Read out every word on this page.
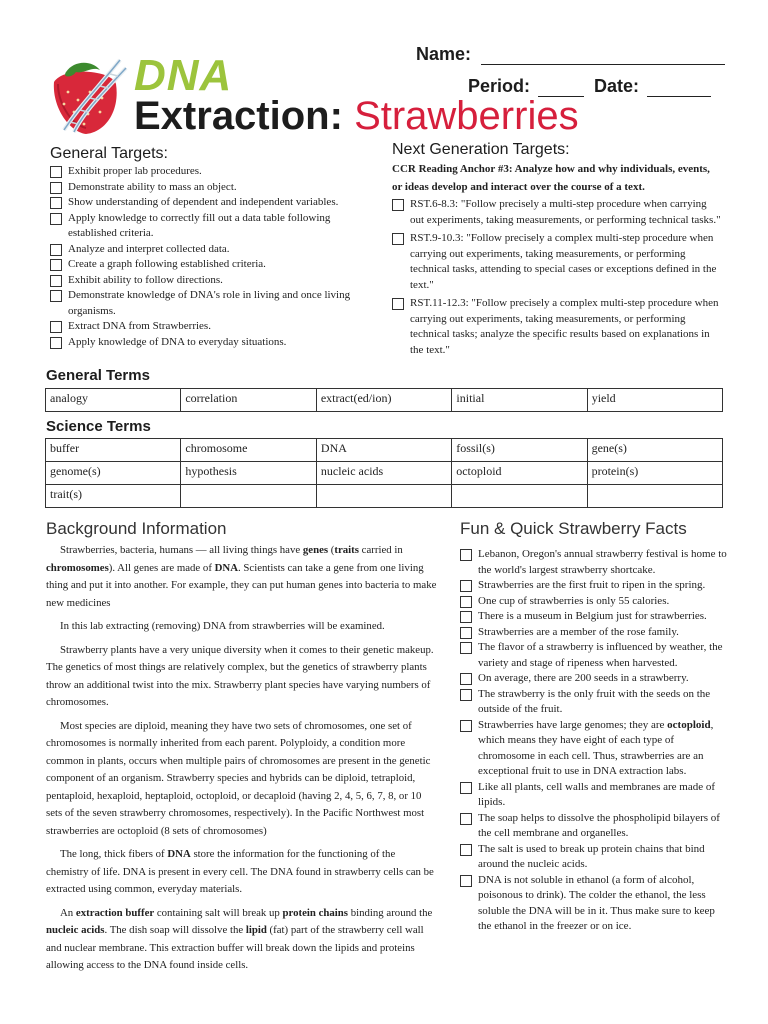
DNA
Extraction: Strawberries
Name:
Period:	Date:
General Targets:
Exhibit proper lab procedures.
Demonstrate ability to mass an object.
Show understanding of dependent and independent variables.
Apply knowledge to correctly fill out a data table following established criteria.
Analyze and interpret collected data.
Create a graph following established criteria.
Exhibit ability to follow directions.
Demonstrate knowledge of DNA's role in living and once living organisms.
Extract DNA from Strawberries.
Apply knowledge of DNA to everyday situations.
Next Generation Targets:
CCR Reading Anchor #3: Analyze how and why individuals, events, or ideas develop and interact over the course of a text.
RST.6-8.3: "Follow precisely a multi-step procedure when carrying out experiments, taking measurements, or performing technical tasks."
RST.9-10.3: "Follow precisely a complex multi-step procedure when carrying out experiments, taking measurements, or performing technical tasks, attending to special cases or exceptions defined in the text."
RST.11-12.3: "Follow precisely a complex multi-step procedure when carrying out experiments, taking measurements, or performing technical tasks; analyze the specific results based on explanations in the text."
General Terms
analogy	correlation	extract(ed/ion)	initial	yield
Science Terms
buffer	chromosome	DNA	fossil(s)	gene(s)
genome(s)	hypothesis	nucleic acids	octoploid	protein(s)
trait(s)				
Background Information

Strawberries, bacteria, humans — all living things have genes (traits carried in chromosomes). All genes are made of DNA. Scientists can take a gene from one living thing and put it into another. For example, they can put human genes into bacteria to make new medicines

In this lab extracting (removing) DNA from strawberries will be examined.

Strawberry plants have a very unique diversity when it comes to their genetic makeup. The genetics of most things are relatively complex, but the genetics of strawberry plants throw an additional twist into the mix. Strawberry plant species have varying numbers of chromosomes.

Most species are diploid, meaning they have two sets of chromosomes, one set of chromosomes is normally inherited from each parent. Polyploidy, a condition more common in plants, occurs when multiple pairs of chromosomes are present in the genetic component of an organism. Strawberry species and hybrids can be diploid, tetraploid, pentaploid, hexaploid, heptaploid, octoploid, or decaploid (having 2, 4, 5, 6, 7, 8, or 10 sets of the seven strawberry chromosomes, respectively). In the Pacific Northwest most strawberries are octoploid (8 sets of chromosomes)

The long, thick fibers of DNA store the information for the functioning of the chemistry of life. DNA is present in every cell. The DNA found in strawberry cells can be extracted using common, everyday materials.

An extraction buffer containing salt will break up protein chains binding around the nucleic acids. The dish soap will dissolve the lipid (fat) part of the strawberry cell wall and nuclear membrane. This extraction buffer will break down the lipids and proteins allowing access to the DNA found inside cells.

Fun & Quick Strawberry Facts
Lebanon, Oregon's annual strawberry festival is home to the world's largest strawberry shortcake.
Strawberries are the first fruit to ripen in the spring.
One cup of strawberries is only 55 calories.
There is a museum in Belgium just for strawberries.
Strawberries are a member of the rose family.
The flavor of a strawberry is influenced by weather, the variety and stage of ripeness when harvested.
On average, there are 200 seeds in a strawberry.
The strawberry is the only fruit with the seeds on the outside of the fruit.
Strawberries have large genomes; they are octoploid, which means they have eight of each type of chromosome in each cell. Thus, strawberries are an exceptional fruit to use in DNA extraction labs.
Like all plants, cell walls and membranes are made of lipids.
The soap helps to dissolve the phospholipid bilayers of the cell membrane and organelles.
The salt is used to break up protein chains that bind around the nucleic acids.
DNA is not soluble in ethanol (a form of alcohol, poisonous to drink). The colder the ethanol, the less soluble the DNA will be in it. Thus make sure to keep the ethanol in the freezer or on ice.
